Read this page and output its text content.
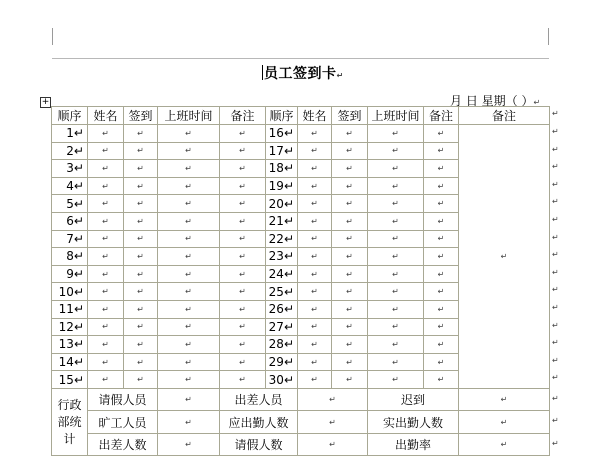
员工签到卡↵
月 日 星期（ ）↵
+
顺序	姓名	签到	上班时间	备注	顺序	姓名	签到	上班时间	备注	备注
1↵	↵	↵	↵	↵	16↵	↵	↵	↵	↵	↵
2↵	↵	↵	↵	↵	17↵	↵	↵	↵	↵	
3↵	↵	↵	↵	↵	18↵	↵	↵	↵	↵	
4↵	↵	↵	↵	↵	19↵	↵	↵	↵	↵	
5↵	↵	↵	↵	↵	20↵	↵	↵	↵	↵	
6↵	↵	↵	↵	↵	21↵	↵	↵	↵	↵	
7↵	↵	↵	↵	↵	22↵	↵	↵	↵	↵	
8↵	↵	↵	↵	↵	23↵	↵	↵	↵	↵	
9↵	↵	↵	↵	↵	24↵	↵	↵	↵	↵	
10↵	↵	↵	↵	↵	25↵	↵	↵	↵	↵	
11↵	↵	↵	↵	↵	26↵	↵	↵	↵	↵	
12↵	↵	↵	↵	↵	27↵	↵	↵	↵	↵	
13↵	↵	↵	↵	↵	28↵	↵	↵	↵	↵	
14↵	↵	↵	↵	↵	29↵	↵	↵	↵	↵	
15↵	↵	↵	↵	↵	30↵	↵	↵	↵	↵	
行政部统计	请假人员		↵	出差人员		↵		迟到		↵
	旷工人员		↵	应出勤人数		↵		实出勤人数		↵
	出差人数		↵	请假人数		↵		出勤率		↵
↵
↵
↵
↵
↵
↵
↵
↵
↵
↵
↵
↵
↵
↵
↵
↵
↵
↵
↵
